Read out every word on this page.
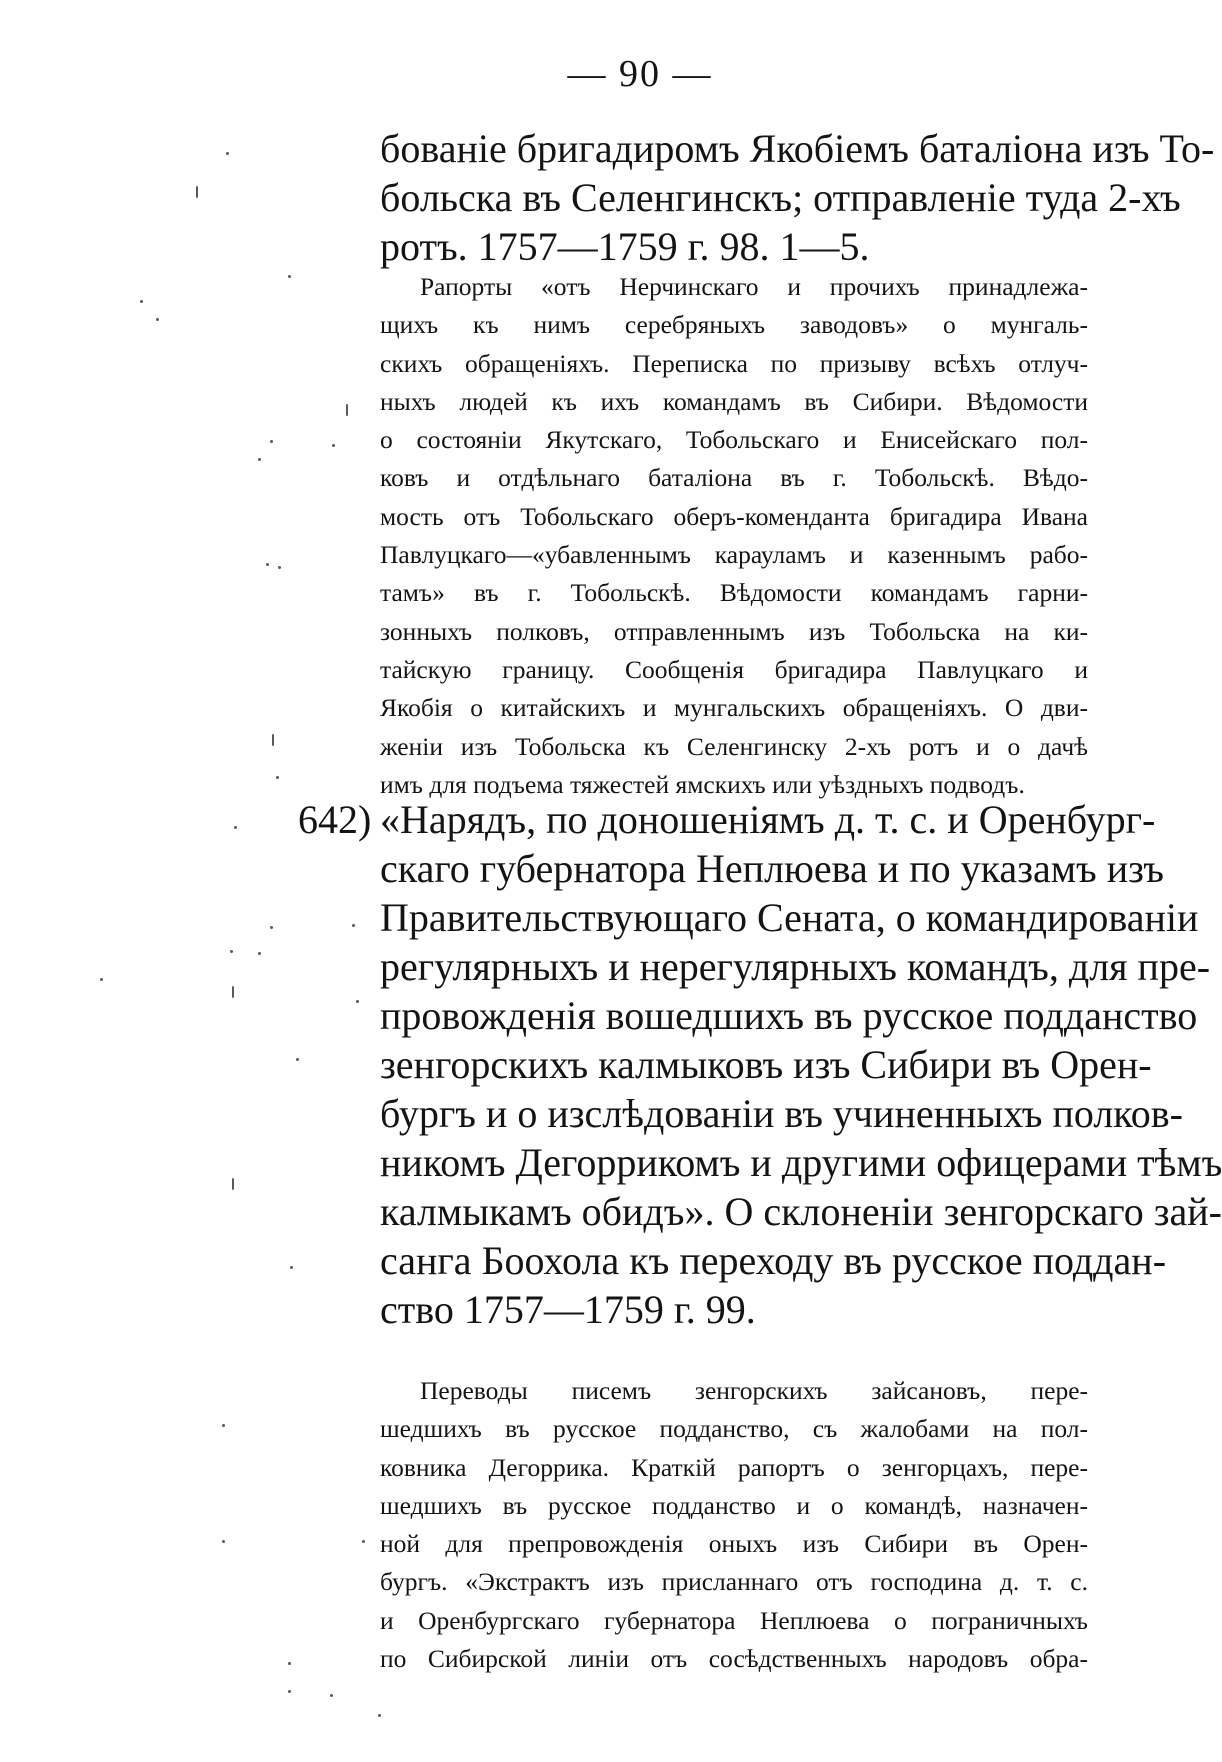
— 90 —
бованіе бригадиромъ Якобіемъ баталіона изъ То-
больска въ Селенгинскъ; отправленіе туда 2-хъ
ротъ. 1757—1759 г. 98. 1—5.
Рапорты «отъ Нерчинскаго и прочихъ принадлежа-
щихъ къ нимъ серебряныхъ заводовъ» о мунгаль-
скихъ обращеніяхъ. Переписка по призыву всѣхъ отлуч-
ныхъ людей къ ихъ командамъ въ Сибири. Вѣдомости
о состояніи Якутскаго, Тобольскаго и Енисейскаго пол-
ковъ и отдѣльнаго баталіона въ г. Тобольскѣ. Вѣдо-
мость отъ Тобольскаго оберъ-коменданта бригадира Ивана
Павлуцкаго—«убавленнымъ карауламъ и казеннымъ рабо-
тамъ» въ г. Тобольскѣ. Вѣдомости командамъ гарни-
зонныхъ полковъ, отправленнымъ изъ Тобольска на ки-
тайскую границу. Сообщенія бригадира Павлуцкаго и
Якобія о китайскихъ и мунгальскихъ обращеніяхъ. О дви-
женіи изъ Тобольска къ Селенгинску 2-хъ ротъ и о дачѣ
имъ для подъема тяжестей ямскихъ или уѣздныхъ подводъ.
642) «Нарядъ, по доношеніямъ д. т. с. и Оренбург-
скаго губернатора Неплюева и по указамъ изъ
Правительствующаго Сената, о командированіи
регулярныхъ и нерегулярныхъ командъ, для пре-
провожденія вошедшихъ въ русское подданство
зенгорскихъ калмыковъ изъ Сибири въ Орен-
бургъ и о изслѣдованіи въ учиненныхъ полков-
никомъ Дегоррикомъ и другими офицерами тѣмъ
калмыкамъ обидъ». О склоненіи зенгорскаго зай-
санга Боохола къ переходу въ русское поддан-
ство 1757—1759 г. 99.
Переводы писемъ зенгорскихъ зайсановъ, пере-
шедшихъ въ русское подданство, съ жалобами на пол-
ковника Дегоррика. Краткій рапортъ о зенгорцахъ, пере-
шедшихъ въ русское подданство и о командѣ, назначен-
ной для препровожденія оныхъ изъ Сибири въ Орен-
бургъ. «Экстрактъ изъ присланнаго отъ господина д. т. с.
и Оренбургскаго губернатора Неплюева о пограничныхъ
по Сибирской линіи отъ сосѣдственныхъ народовъ обра-
